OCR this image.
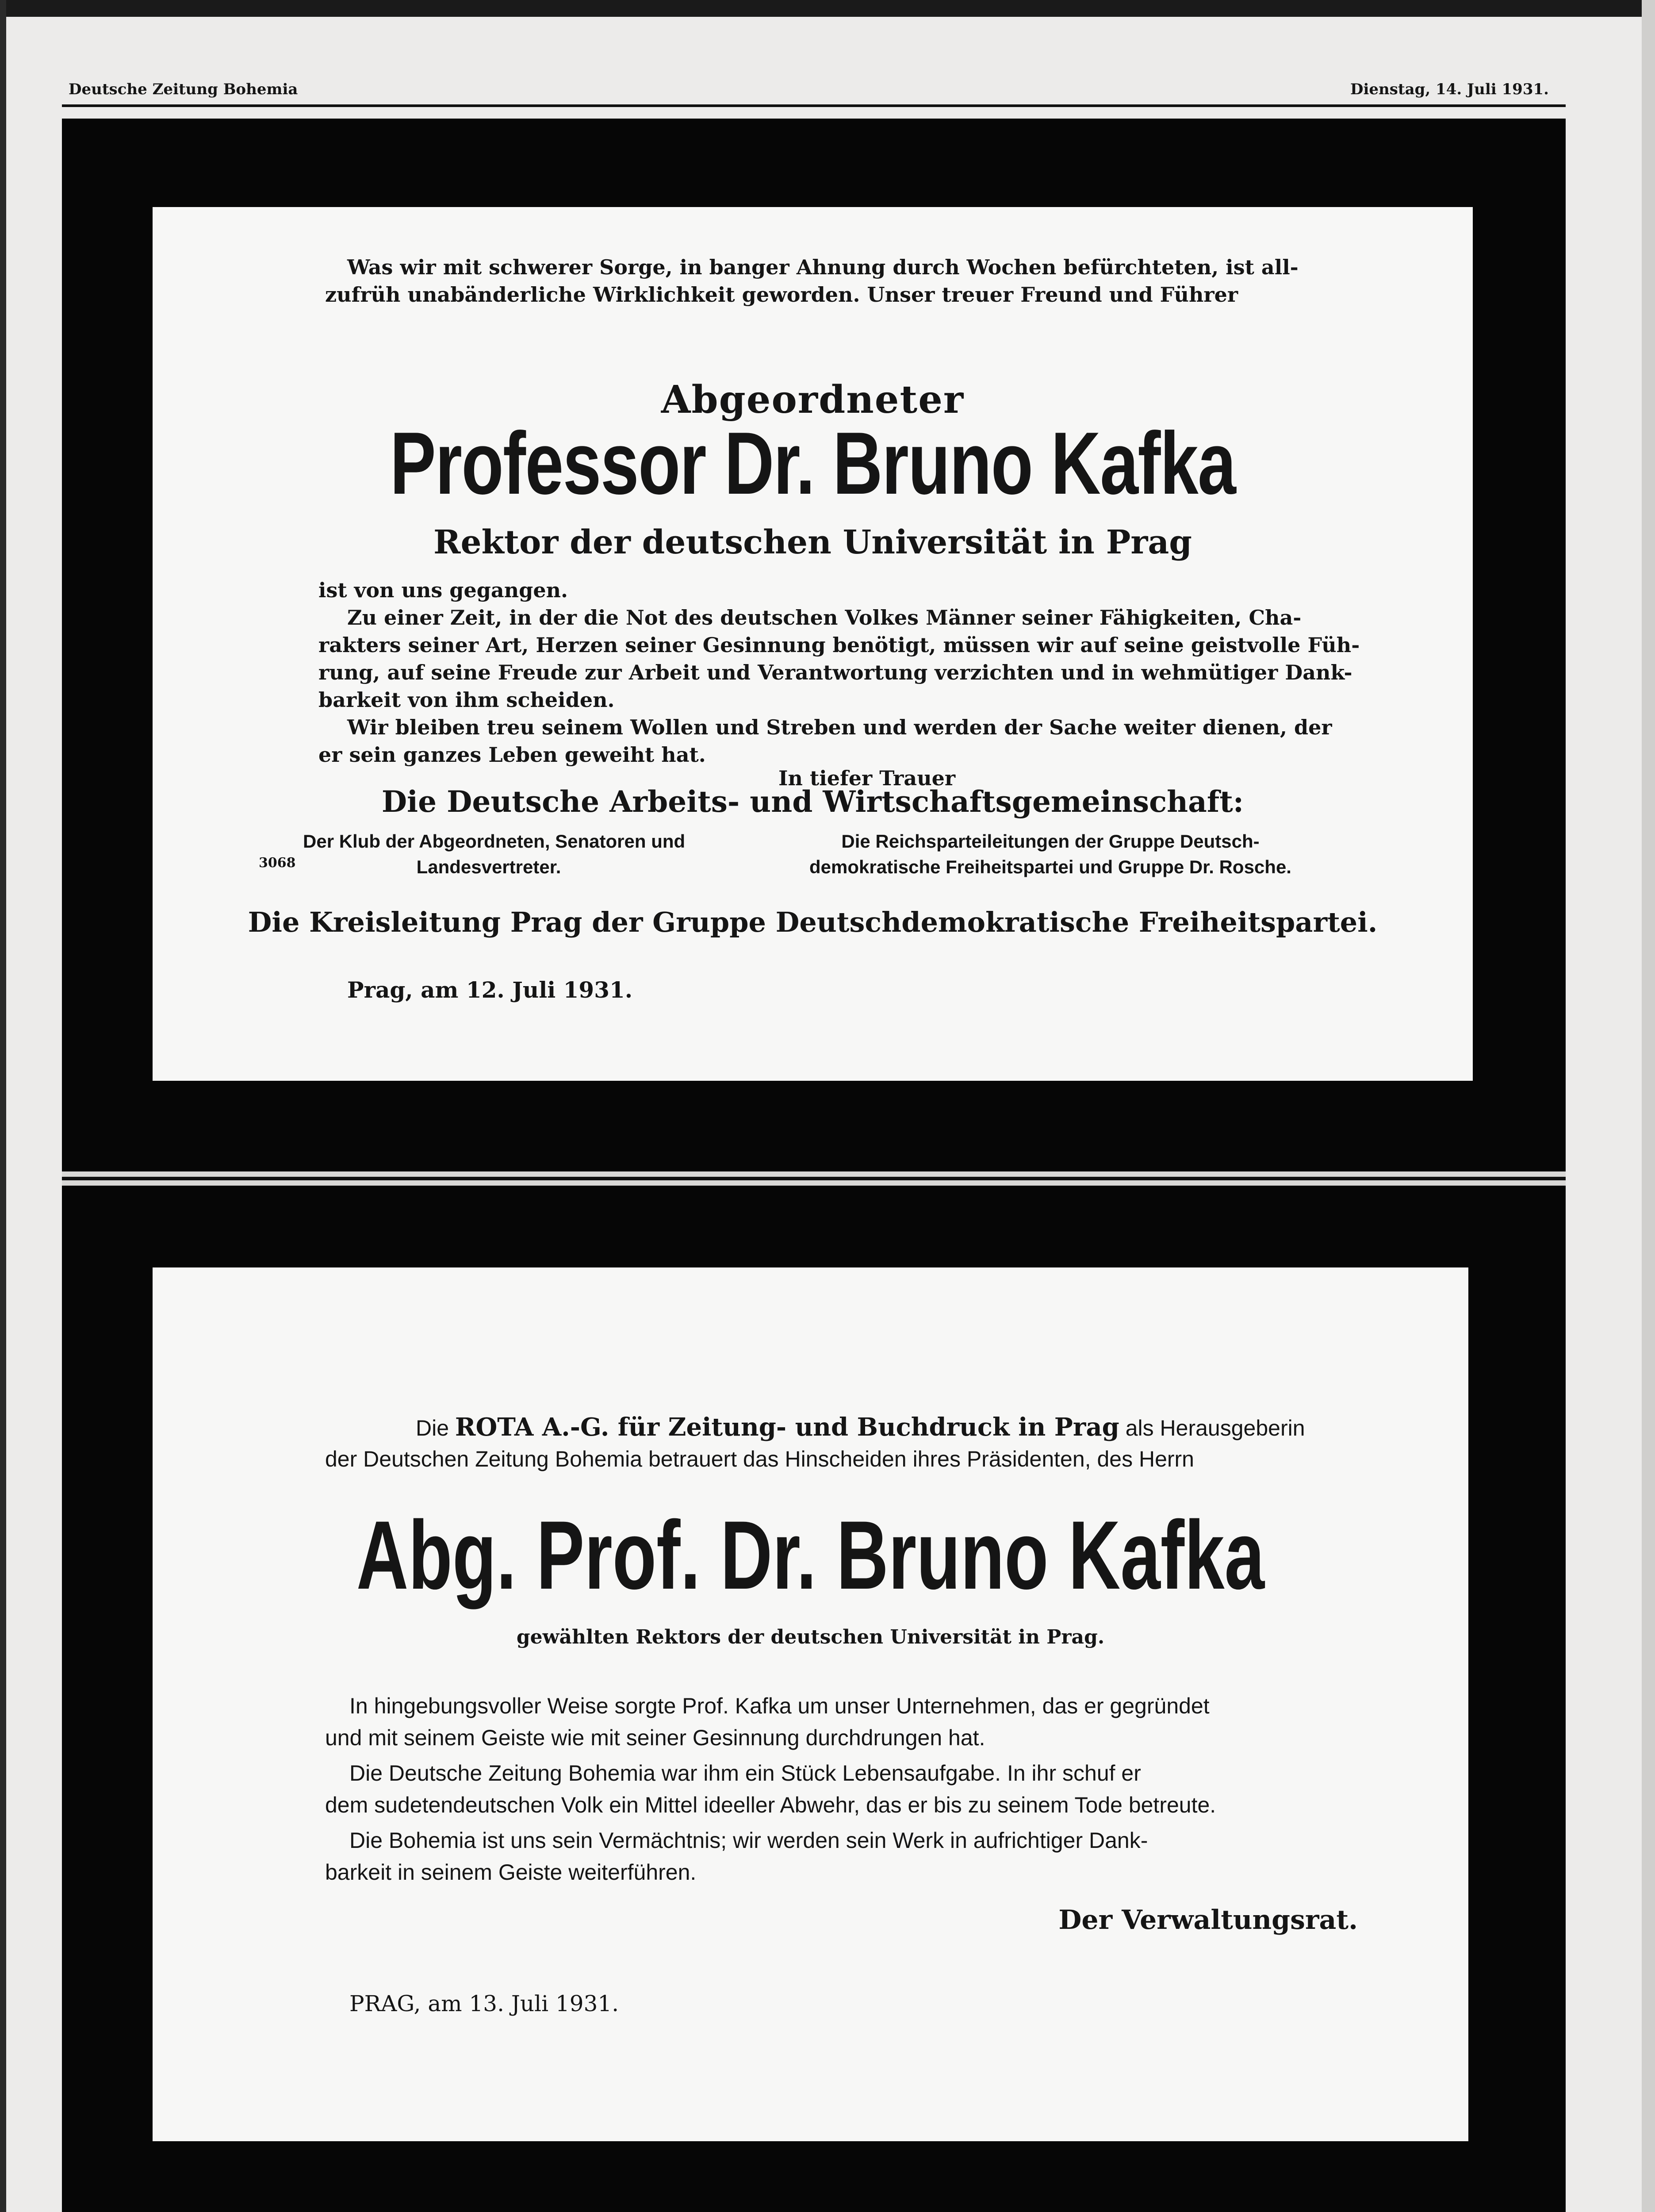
Deutsche Zeitung Bohemia	Dienstag, 14. Juli 1931.
Was wir mit schwerer Sorge, in banger Ahnung durch Wochen befürchteten, ist all-
zufrüh unabänderliche Wirklichkeit geworden. Unser treuer Freund und Führer
Abgeordneter
Professor Dr. Bruno Kafka
Rektor der deutschen Universität in Prag
ist von uns gegangen.
Zu einer Zeit, in der die Not des deutschen Volkes Männer seiner Fähigkeiten, Cha-
rakters seiner Art, Herzen seiner Gesinnung benötigt, müssen wir auf seine geistvolle Füh-
rung, auf seine Freude zur Arbeit und Verantwortung verzichten und in wehmütiger Dank-
barkeit von ihm scheiden.
Wir bleiben treu seinem Wollen und Streben und werden der Sache weiter dienen, der
er sein ganzes Leben geweiht hat.
In tiefer Trauer
Die Deutsche Arbeits- und Wirtschaftsgemeinschaft:
Der Klub der Abgeordneten, Senatoren und
Landesvertreter.
3068
Die Reichsparteileitungen der Gruppe Deutsch-
demokratische Freiheitspartei und Gruppe Dr. Rosche.
Die Kreisleitung Prag der Gruppe Deutschdemokratische Freiheitspartei.
Prag, am 12. Juli 1931.
Die ROTA A.-G. für Zeitung- und Buchdruck in Prag als Herausgeberin
der Deutschen Zeitung Bohemia betrauert das Hinscheiden ihres Präsidenten, des Herrn
Abg. Prof. Dr. Bruno Kafka
gewählten Rektors der deutschen Universität in Prag.
In hingebungsvoller Weise sorgte Prof. Kafka um unser Unternehmen, das er gegründet
und mit seinem Geiste wie mit seiner Gesinnung durchdrungen hat.
Die Deutsche Zeitung Bohemia war ihm ein Stück Lebensaufgabe. In ihr schuf er
dem sudetendeutschen Volk ein Mittel ideeller Abwehr, das er bis zu seinem Tode betreute.
Die Bohemia ist uns sein Vermächtnis; wir werden sein Werk in aufrichtiger Dank-
barkeit in seinem Geiste weiterführen.
Der Verwaltungsrat.
PRAG, am 13. Juli 1931.
